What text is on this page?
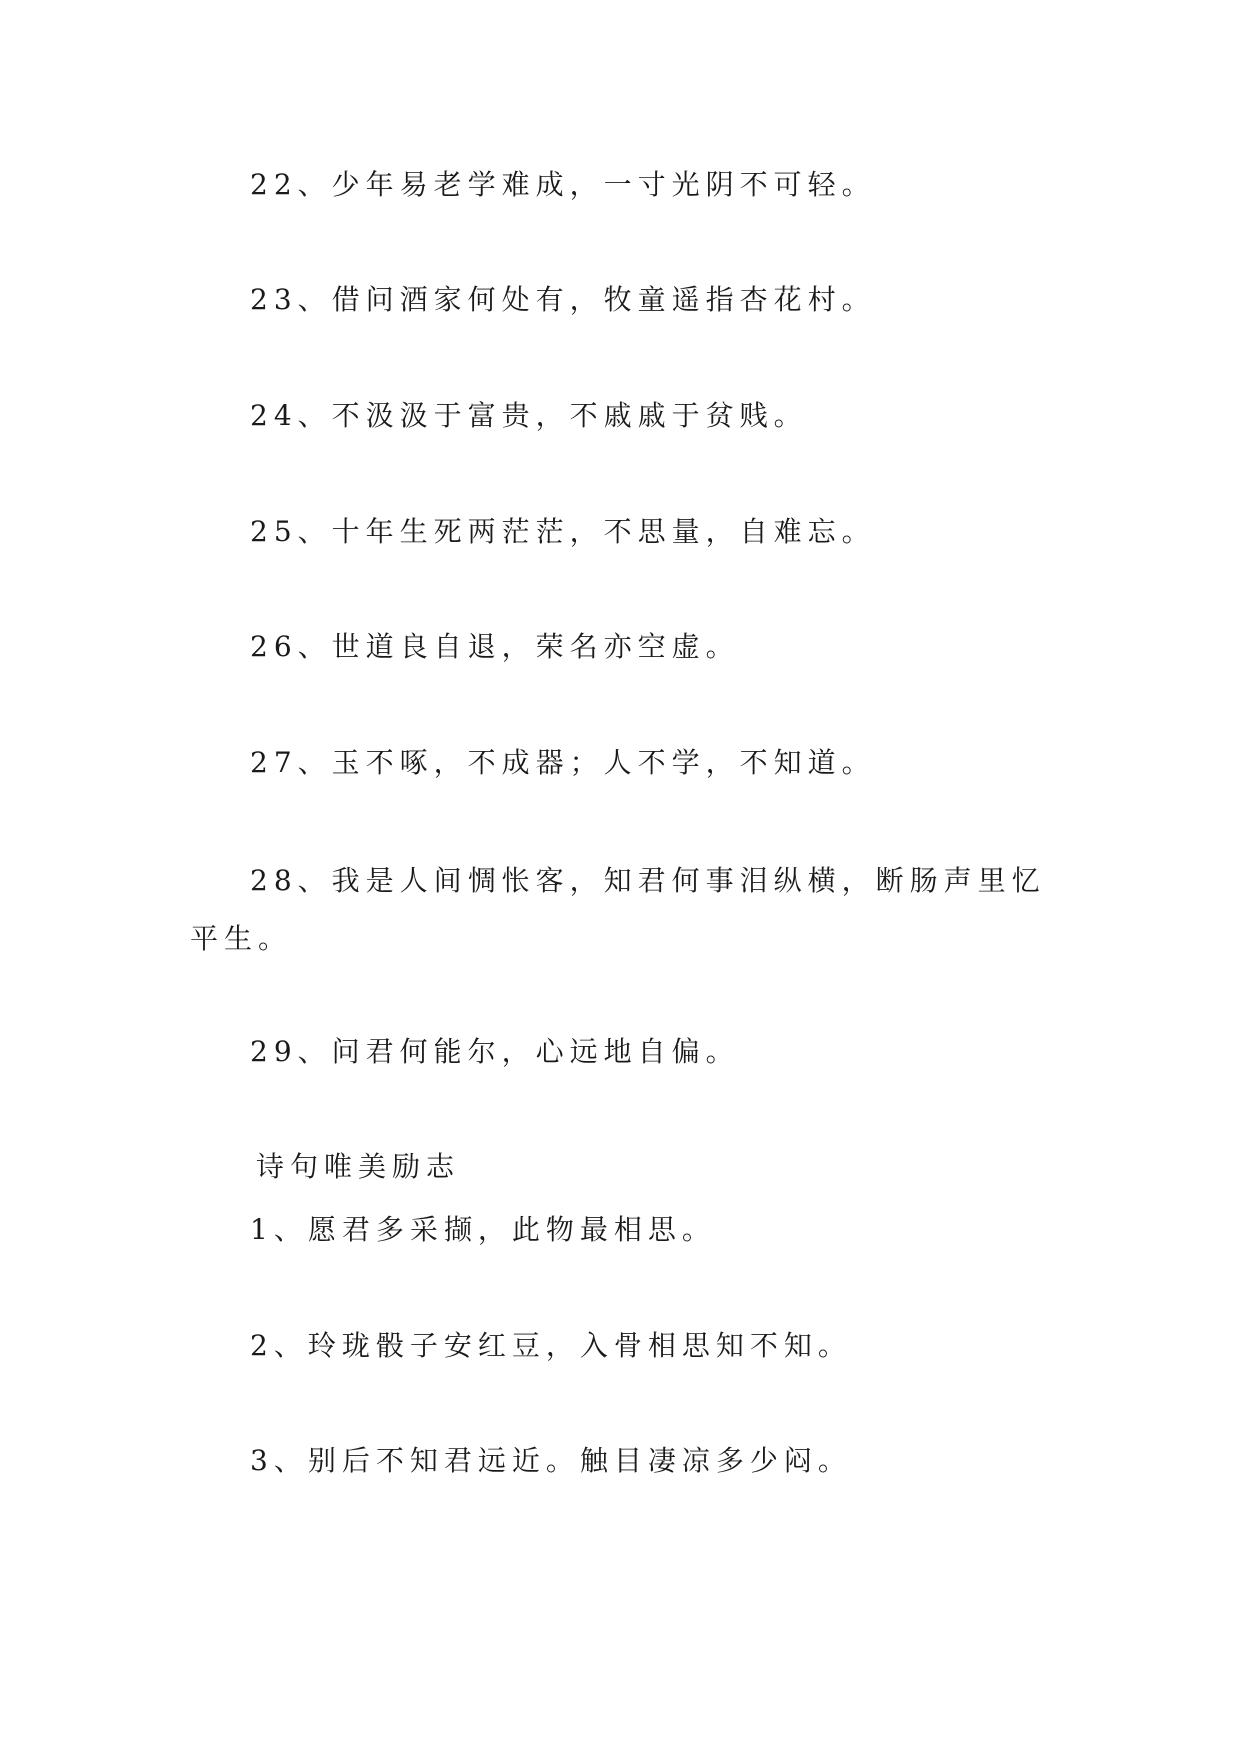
22、少年易老学难成，一寸光阴不可轻。
23、借问酒家何处有，牧童遥指杏花村。
24、不汲汲于富贵，不戚戚于贫贱。
25、十年生死两茫茫，不思量，自难忘。
26、世道良自退，荣名亦空虚。
27、玉不啄，不成器；人不学，不知道。
28、我是人间惆怅客，知君何事泪纵横，断肠声里忆平生。
29、问君何能尔，心远地自偏。
诗句唯美励志
1、愿君多采撷，此物最相思。
2、玲珑骰子安红豆，入骨相思知不知。
3、别后不知君远近。触目凄凉多少闷。
